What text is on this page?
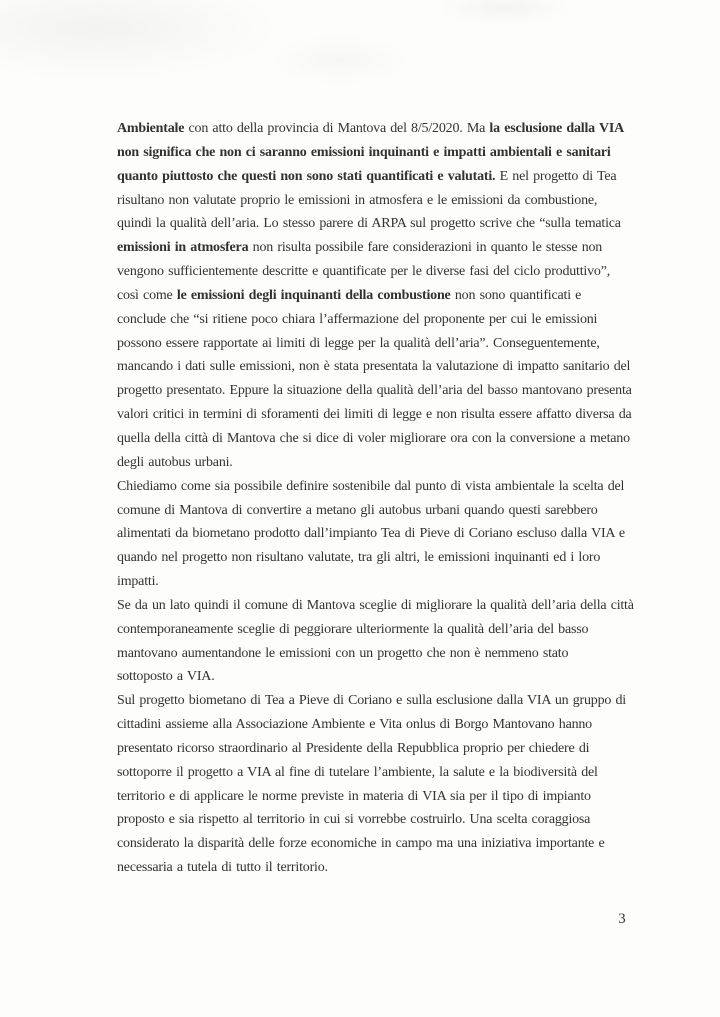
Ambientale con atto della provincia di Mantova del 8/5/2020. Ma la esclusione dalla VIA
non significa che non ci saranno emissioni inquinanti e impatti ambientali e sanitari
quanto piuttosto che questi non sono stati quantificati e valutati. E nel progetto di Tea
risultano non valutate proprio le emissioni in atmosfera e le emissioni da combustione,
quindi la qualità dell’aria. Lo stesso parere di ARPA sul progetto scrive che “sulla tematica
emissioni in atmosfera non risulta possibile fare considerazioni in quanto le stesse non
vengono sufficientemente descritte e quantificate per le diverse fasi del ciclo produttivo”,
così come le emissioni degli inquinanti della combustione non sono quantificati e
conclude che “si ritiene poco chiara l’affermazione del proponente per cui le emissioni
possono essere rapportate ai limiti di legge per la qualità dell’aria”. Conseguentemente,
mancando i dati sulle emissioni, non è stata presentata la valutazione di impatto sanitario del
progetto presentato. Eppure la situazione della qualità dell’aria del basso mantovano presenta
valori critici in termini di sforamenti dei limiti di legge e non risulta essere affatto diversa da
quella della città di Mantova che si dice di voler migliorare ora con la conversione a metano
degli autobus urbani.
Chiediamo come sia possibile definire sostenibile dal punto di vista ambientale la scelta del
comune di Mantova di convertire a metano gli autobus urbani quando questi sarebbero
alimentati da biometano prodotto dall’impianto Tea di Pieve di Coriano escluso dalla VIA e
quando nel progetto non risultano valutate, tra gli altri, le emissioni inquinanti ed i loro
impatti.
Se da un lato quindi il comune di Mantova sceglie di migliorare la qualità dell’aria della città
contemporaneamente sceglie di peggiorare ulteriormente la qualità dell’aria del basso
mantovano aumentandone le emissioni con un progetto che non è nemmeno stato
sottoposto a VIA.
Sul progetto biometano di Tea a Pieve di Coriano e sulla esclusione dalla VIA un gruppo di
cittadini assieme alla Associazione Ambiente e Vita onlus di Borgo Mantovano hanno
presentato ricorso straordinario al Presidente della Repubblica proprio per chiedere di
sottoporre il progetto a VIA al fine di tutelare l’ambiente, la salute e la biodiversità del
territorio e di applicare le norme previste in materia di VIA sia per il tipo di impianto
proposto e sia rispetto al territorio in cui si vorrebbe costruirlo. Una scelta coraggiosa
considerato la disparità delle forze economiche in campo ma una iniziativa importante e
necessaria a tutela di tutto il territorio.
3
